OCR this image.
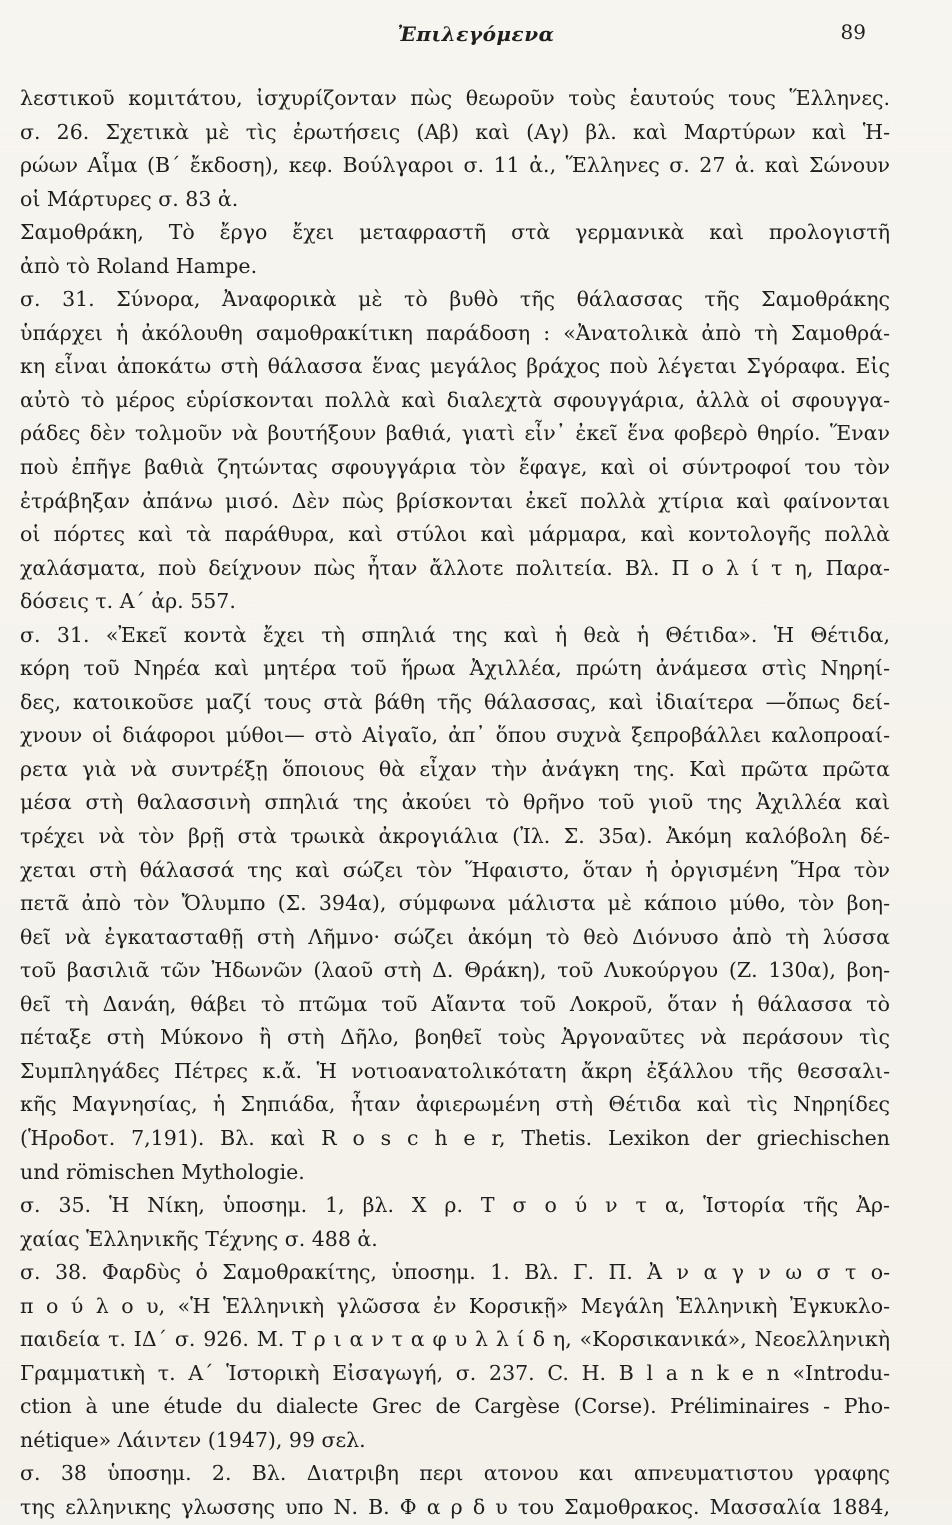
Ἐπιλεγόμενα	89
λεστικοῦ κομιτάτου, ἰσχυρίζονταν πὼς θεωροῦν τοὺς ἑαυτούς τους Ἕλληνες.
σ. 26. Σχετικὰ μὲ τὶς ἐρωτήσεις (Αβ) καὶ (Αγ) βλ. καὶ Μαρτύρων καὶ Ἡ-
ρώων Αἷμα (Β΄ ἔκδοση), κεφ. Βούλγαροι σ. 11 ἀ., Ἕλληνες σ. 27 ἀ. καὶ Σώνουν
οἱ Μάρτυρες σ. 83 ἀ.
Σαμοθράκη, Τὸ ἔργο ἔχει μεταφραστῆ στὰ γερμανικὰ καὶ προλογιστῆ
ἀπὸ τὸ Roland Hampe.
σ. 31. Σύνορα, Ἀναφορικὰ μὲ τὸ βυθὸ τῆς θάλασσας τῆς Σαμοθράκης
ὑπάρχει ἡ ἀκόλουθη σαμοθρακίτικη παράδοση : «Ἀνατολικὰ ἀπὸ τὴ Σαμοθρά-
κη εἶναι ἀποκάτω στὴ θάλασσα ἕνας μεγάλος βράχος ποὺ λέγεται Σγόραφα. Εἰς
αὐτὸ τὸ μέρος εὑρίσκονται πολλὰ καὶ διαλεχτὰ σφουγγάρια, ἀλλὰ οἱ σφουγγα-
ράδες δὲν τολμοῦν νὰ βουτήξουν βαθιά, γιατὶ εἶν᾿ ἐκεῖ ἕνα φοβερὸ θηρίο. Ἕναν
ποὺ ἐπῆγε βαθιὰ ζητώντας σφουγγάρια τὸν ἔφαγε, καὶ οἱ σύντροφοί του τὸν
ἐτράβηξαν ἀπάνω μισό. Δὲν πὼς βρίσκονται ἐκεῖ πολλὰ χτίρια καὶ φαίνονται
οἱ πόρτες καὶ τὰ παράθυρα, καὶ στύλοι καὶ μάρμαρα, καὶ κοντολογῆς πολλὰ
χαλάσματα, ποὺ δείχνουν πὼς ἦταν ἄλλοτε πολιτεία. Βλ. Π ο λ ί τ η, Παρα-
δόσεις τ. Α΄ ἀρ. 557.
σ. 31. «Ἐκεῖ κοντὰ ἔχει τὴ σπηλιά της καὶ ἡ θεὰ ἡ Θέτιδα». Ἡ Θέτιδα,
κόρη τοῦ Νηρέα καὶ μητέρα τοῦ ἥρωα Ἀχιλλέα, πρώτη ἀνάμεσα στὶς Νηρηί-
δες, κατοικοῦσε μαζί τους στὰ βάθη τῆς θάλασσας, καὶ ἰδιαίτερα —ὅπως δεί-
χνουν οἱ διάφοροι μύθοι— στὸ Αἰγαῖο, ἀπ᾿ ὅπου συχνὰ ξεπροβάλλει καλοπροαί-
ρετα γιὰ νὰ συντρέξῃ ὅποιους θὰ εἶχαν τὴν ἀνάγκη της. Καὶ πρῶτα πρῶτα
μέσα στὴ θαλασσινὴ σπηλιά της ἀκούει τὸ θρῆνο τοῦ γιοῦ της Ἀχιλλέα καὶ
τρέχει νὰ τὸν βρῇ στὰ τρωικὰ ἀκρογιάλια (Ἰλ. Σ. 35α). Ἀκόμη καλόβολη δέ-
χεται στὴ θάλασσά της καὶ σώζει τὸν Ἥφαιστο, ὅταν ἡ ὀργισμένη Ἥρα τὸν
πετᾶ ἀπὸ τὸν Ὄλυμπο (Σ. 394α), σύμφωνα μάλιστα μὲ κάποιο μύθο, τὸν βοη-
θεῖ νὰ ἐγκατασταθῇ στὴ Λῆμνο· σώζει ἀκόμη τὸ θεὸ Διόνυσο ἀπὸ τὴ λύσσα
τοῦ βασιλιᾶ τῶν Ἠδωνῶν (λαοῦ στὴ Δ. Θράκη), τοῦ Λυκούργου (Ζ. 130α), βοη-
θεῖ τὴ Δανάη, θάβει τὸ πτῶμα τοῦ Αἴαντα τοῦ Λοκροῦ, ὅταν ἡ θάλασσα τὸ
πέταξε στὴ Μύκονο ἢ στὴ Δῆλο, βοηθεῖ τοὺς Ἀργοναῦτες νὰ περάσουν τὶς
Συμπληγάδες Πέτρες κ.ἄ. Ἡ νοτιοανατολικότατη ἄκρη ἐξάλλου τῆς θεσσαλι-
κῆς Μαγνησίας, ἡ Σηπιάδα, ἦταν ἀφιερωμένη στὴ Θέτιδα καὶ τὶς Νηρηίδες
(Ἡροδοτ. 7,191). Βλ. καὶ R o s c h e r, Thetis. Lexikon der griechischen
und römischen Mythologie.
σ. 35. Ἡ Νίκη, ὑποσημ. 1, βλ. Χ ρ. Τ σ ο ύ ν τ α, Ἱστορία τῆς Ἀρ-
χαίας Ἑλληνικῆς Τέχνης σ. 488 ἀ.
σ. 38. Φαρδὺς ὁ Σαμοθρακίτης, ὑποσημ. 1. Βλ. Γ. Π. Ἀ ν α γ ν ω σ τ ο-
π ο ύ λ ο υ, «Ἡ Ἑλληνικὴ γλῶσσα ἐν Κορσικῇ» Μεγάλη Ἑλληνικὴ Ἐγκυκλο-
παιδεία τ. ΙΔ΄ σ. 926. Μ. Τ ρ ι α ν τ α φ υ λ λ ί δ η, «Κορσικανικά», Νεοελληνικὴ
Γραμματικὴ τ. Α΄ Ἱστορικὴ Εἰσαγωγή, σ. 237. C. H. B l a n k e n «Introdu-
ction à une étude du dialecte Grec de Cargèse (Corse). Préliminaires - Pho-
nétique» Λάιντεν (1947), 99 σελ.
σ. 38 ὑποσημ. 2. Βλ. Διατριβη περι ατονου και απνευματιστου γραφης
της ελληνικης γλωσσης υπο Ν. Β. Φ α ρ δ υ του Σαμοθρακος. Μασσαλία 1884,
